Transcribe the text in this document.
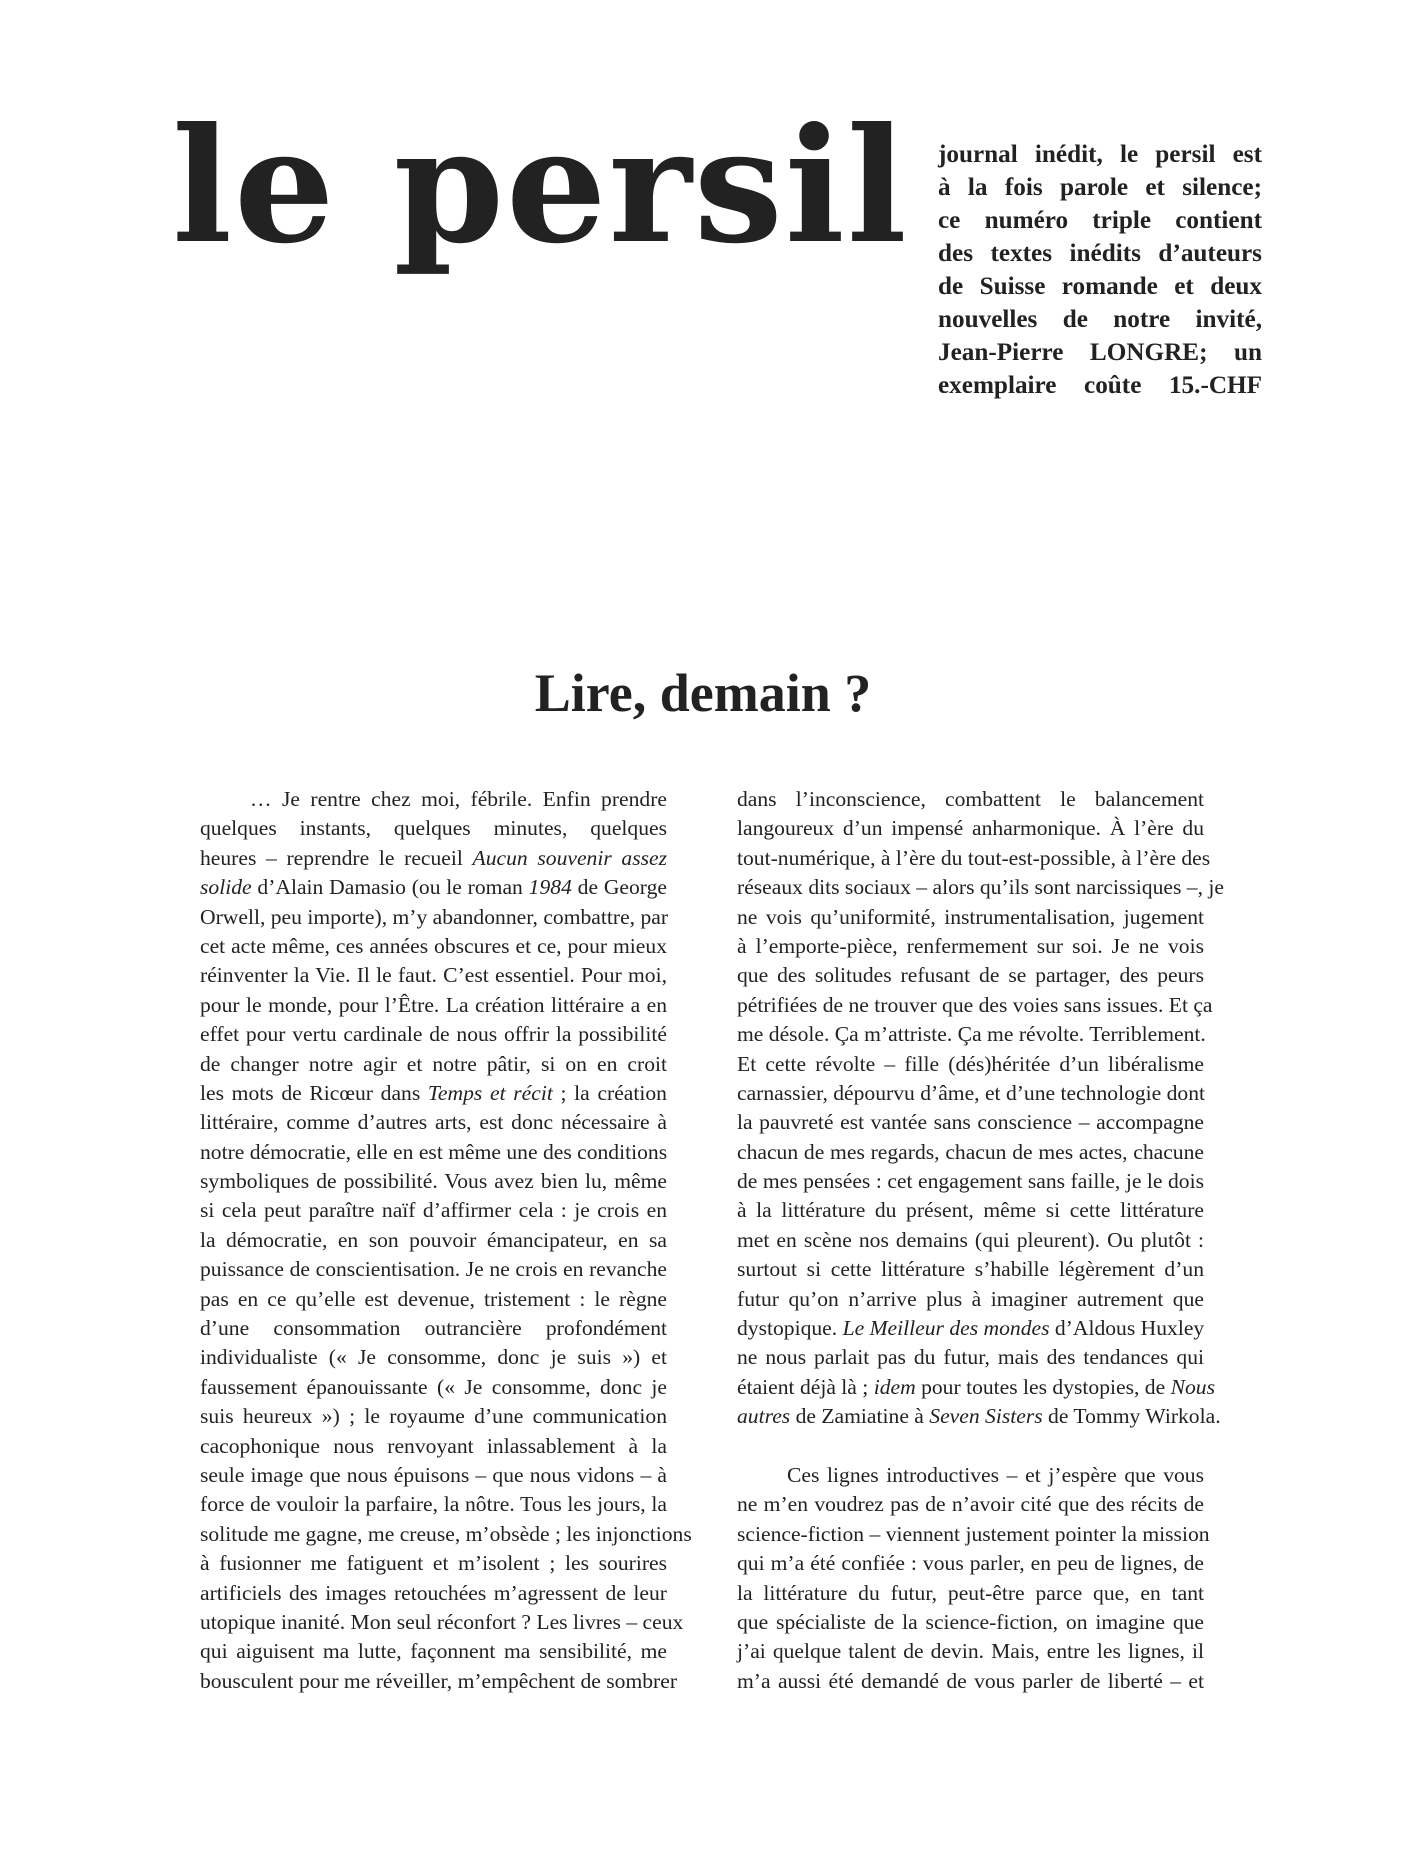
le persil journal inédit, le persil est
à la fois parole et silence;
ce numéro triple contient
des textes inédits d’auteurs
de Suisse romande et deux
nouvelles de notre invité,
Jean-Pierre LONGRE; un
exemplaire coûte 15.-CHF
Lire, demain ?
… Je rentre chez moi, fébrile. Enfin prendre
quelques instants, quelques minutes, quelques
heures – reprendre le recueil Aucun souvenir assez
solide d’Alain Damasio (ou le roman 1984 de George
Orwell, peu importe), m’y abandonner, combattre, par
cet acte même, ces années obscures et ce, pour mieux
réinventer la Vie. Il le faut. C’est essentiel. Pour moi,
pour le monde, pour l’Être. La création littéraire a en
effet pour vertu cardinale de nous offrir la possibilité
de changer notre agir et notre pâtir, si on en croit
les mots de Ricœur dans Temps et récit ; la création
littéraire, comme d’autres arts, est donc nécessaire à
notre démocratie, elle en est même une des conditions
symboliques de possibilité. Vous avez bien lu, même
si cela peut paraître naïf d’affirmer cela : je crois en
la démocratie, en son pouvoir émancipateur, en sa
puissance de conscientisation. Je ne crois en revanche
pas en ce qu’elle est devenue, tristement : le règne
d’une consommation outrancière profondément
individualiste (« Je consomme, donc je suis ») et
faussement épanouissante (« Je consomme, donc je
suis heureux ») ; le royaume d’une communication
cacophonique nous renvoyant inlassablement à la
seule image que nous épuisons – que nous vidons – à
force de vouloir la parfaire, la nôtre. Tous les jours, la
solitude me gagne, me creuse, m’obsède ; les injonctions
à fusionner me fatiguent et m’isolent ; les sourires
artificiels des images retouchées m’agressent de leur
utopique inanité. Mon seul réconfort ? Les livres – ceux
qui aiguisent ma lutte, façonnent ma sensibilité, me
bousculent pour me réveiller, m’empêchent de sombrer
dans l’inconscience, combattent le balancement
langoureux d’un impensé anharmonique. À l’ère du
tout-numérique, à l’ère du tout-est-possible, à l’ère des
réseaux dits sociaux – alors qu’ils sont narcissiques –, je
ne vois qu’uniformité, instrumentalisation, jugement
à l’emporte-pièce, renfermement sur soi. Je ne vois
que des solitudes refusant de se partager, des peurs
pétrifiées de ne trouver que des voies sans issues. Et ça
me désole. Ça m’attriste. Ça me révolte. Terriblement.
Et cette révolte – fille (dés)héritée d’un libéralisme
carnassier, dépourvu d’âme, et d’une technologie dont
la pauvreté est vantée sans conscience – accompagne
chacun de mes regards, chacun de mes actes, chacune
de mes pensées : cet engagement sans faille, je le dois
à la littérature du présent, même si cette littérature
met en scène nos demains (qui pleurent). Ou plutôt :
surtout si cette littérature s’habille légèrement d’un
futur qu’on n’arrive plus à imaginer autrement que
dystopique. Le Meilleur des mondes d’Aldous Huxley
ne nous parlait pas du futur, mais des tendances qui
étaient déjà là ; idem pour toutes les dystopies, de Nous
autres de Zamiatine à Seven Sisters de Tommy Wirkola.
Ces lignes introductives – et j’espère que vous
ne m’en voudrez pas de n’avoir cité que des récits de
science-fiction – viennent justement pointer la mission
qui m’a été confiée : vous parler, en peu de lignes, de
la littérature du futur, peut-être parce que, en tant
que spécialiste de la science-fiction, on imagine que
j’ai quelque talent de devin. Mais, entre les lignes, il
m’a aussi été demandé de vous parler de liberté – et
